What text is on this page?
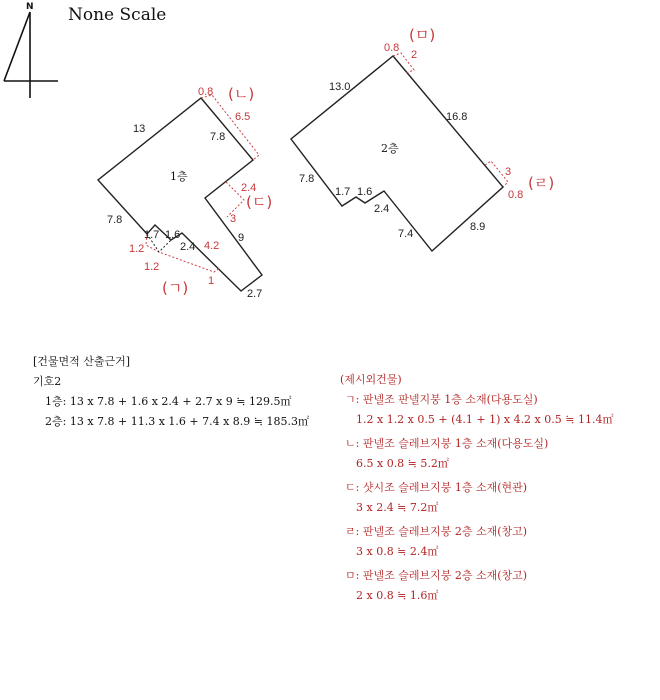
N None Scale
1층
13
7.8
7.8
1.7 1.6
2.4
9
2.7
0.8
6.5
2.4
3
1.2
1.2
4.2
1
(ㄴ)
(ㄷ)
(ㄱ)
2층
13.0
16.8
7.8
1.7 1.6
2.4
7.4
8.9
0.8
2
3
0.8
(ㅁ)
(ㄹ)
[건물면적 산출근거]
기호2
1층: 13 x 7.8 + 1.6 x 2.4 + 2.7 x 9 ≒ 129.5㎡
2층: 13 x 7.8 + 11.3 x 1.6 + 7.4 x 8.9 ≒ 185.3㎡
(제시외건물)
ㄱ: 판넬조 판넬지붕 1층 소재(다용도실)
1.2 x 1.2 x 0.5 + (4.1 + 1) x 4.2 x 0.5 ≒ 11.4㎡
ㄴ: 판넬조 슬레브지붕 1층 소재(다용도실)
6.5 x 0.8 ≒ 5.2㎡
ㄷ: 샷시조 슬레브지붕 1층 소재(현관)
3 x 2.4 ≒ 7.2㎡
ㄹ: 판넬조 슬레브지붕 2층 소재(창고)
3 x 0.8 ≒ 2.4㎡
ㅁ: 판넬조 슬레브지붕 2층 소재(창고)
2 x 0.8 ≒ 1.6㎡
